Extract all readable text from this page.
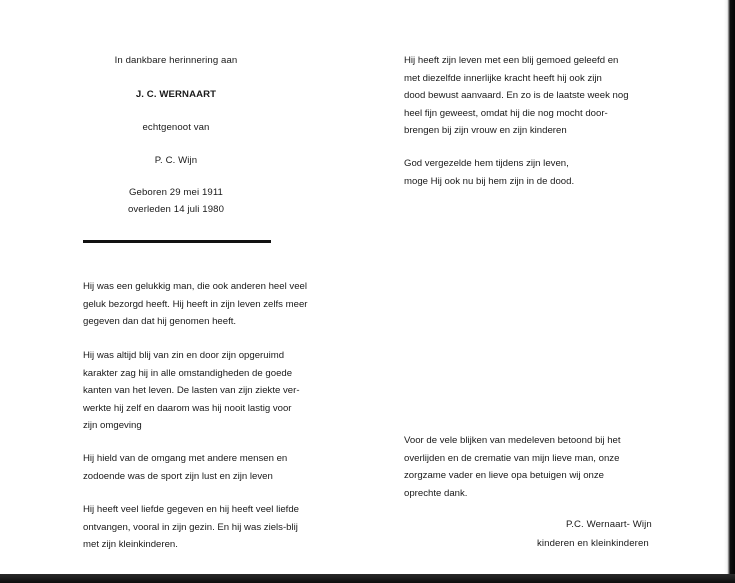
In dankbare herinnering aan
J. C. WERNAART
echtgenoot van
P. C. Wijn
Geboren 29 mei 1911
overleden 14 juli 1980
Hij was een gelukkig man, die ook anderen heel veel
geluk bezorgd heeft. Hij heeft in zijn leven zelfs meer
gegeven dan dat hij genomen heeft.
Hij was altijd blij van zin en door zijn opgeruimd
karakter zag hij in alle omstandigheden de goede
kanten van het leven. De lasten van zijn ziekte ver-
werkte hij zelf en daarom was hij nooit lastig voor
zijn omgeving
Hij hield van de omgang met andere mensen en
zodoende was de sport zijn lust en zijn leven
Hij heeft veel liefde gegeven en hij heeft veel liefde
ontvangen, vooral in zijn gezin. En hij was ziels-blij
met zijn kleinkinderen.
Hij heeft zijn leven met een blij gemoed geleefd en
met diezelfde innerlijke kracht heeft hij ook zijn
dood bewust aanvaard. En zo is de laatste week nog
heel fijn geweest, omdat hij die nog mocht door-
brengen bij zijn vrouw en zijn kinderen
God vergezelde hem tijdens zijn leven,
moge Hij ook nu bij hem zijn in de dood.
Voor de vele blijken van medeleven betoond bij het
overlijden en de crematie van mijn lieve man, onze
zorgzame vader en lieve opa betuigen wij onze
oprechte dank.
P.C. Wernaart- Wijn
kinderen en kleinkinderen
